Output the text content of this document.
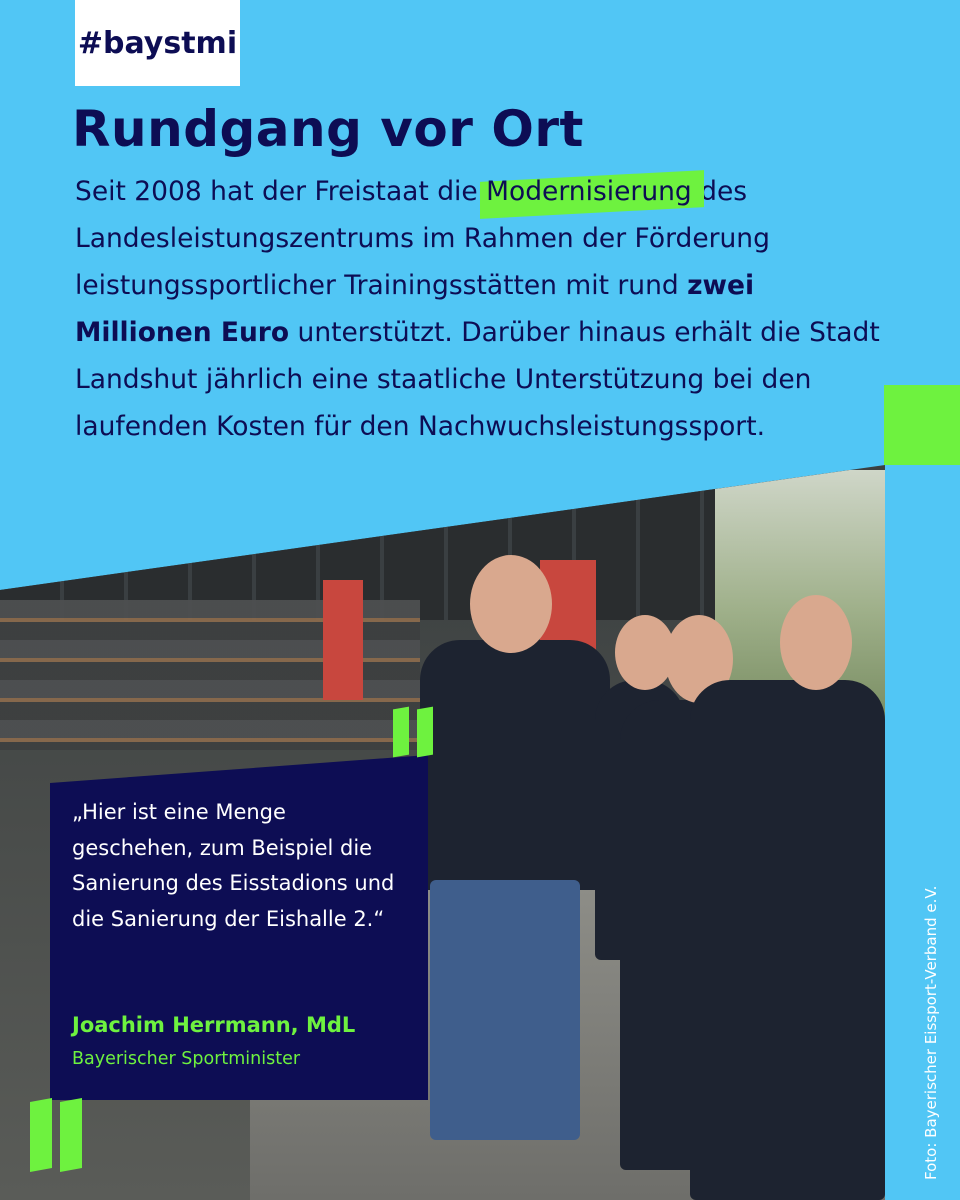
#baystmi
Rundgang vor Ort

Seit 2008 hat der Freistaat die Modernisierung des Landesleistungszentrums im Rahmen der Förderung leistungssportlicher Trainingsstätten mit rund zwei Millionen Euro unterstützt. Darüber hinaus erhält die Stadt Landshut jährlich eine staatliche Unterstützung bei den laufenden Kosten für den Nachwuchsleistungssport.

„Hier ist eine Menge geschehen, zum Beispiel die Sanierung des Eisstadions und die Sanierung der Eishalle 2.“

Joachim Herrmann, MdL
Bayerischer Sportminister	Foto: Bayerischer Eissport-Verband e.V.
